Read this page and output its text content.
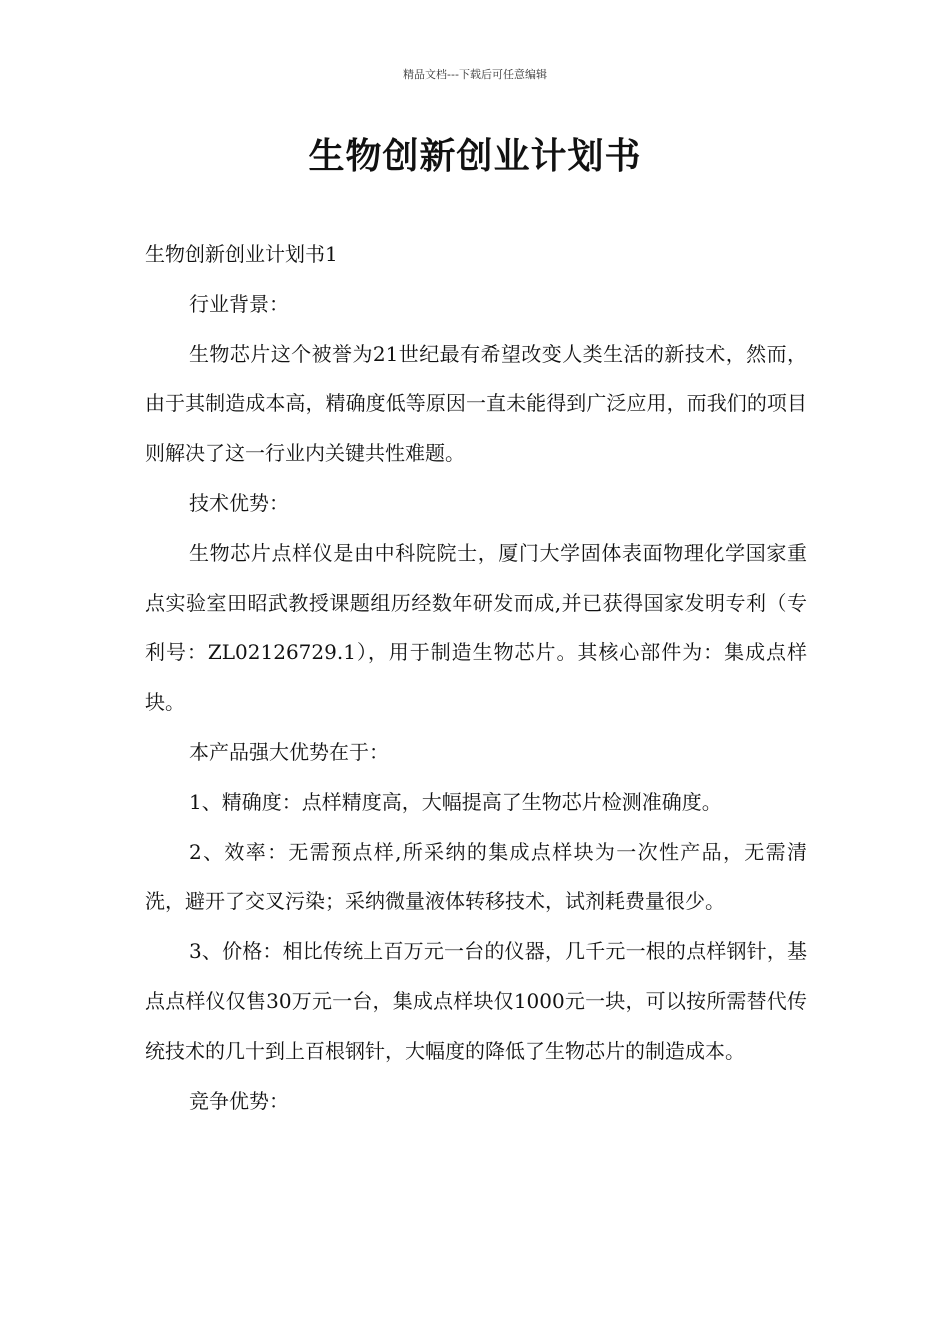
精品文档---下载后可任意编辑
生物创新创业计划书

生物创新创业计划书1

行业背景：

生物芯片这个被誉为21世纪最有希望改变人类生活的新技术，然而，由于其制造成本高，精确度低等原因一直未能得到广泛应用，而我们的项目则解决了这一行业内关键共性难题。

技术优势：

生物芯片点样仪是由中科院院士，厦门大学固体表面物理化学国家重点实验室田昭武教授课题组历经数年研发而成,并已获得国家发明专利（专利号：ZL02126729.1），用于制造生物芯片。其核心部件为：集成点样块。

本产品强大优势在于：

1、精确度：点样精度高，大幅提高了生物芯片检测准确度。

2、效率：无需预点样,所采纳的集成点样块为一次性产品，无需清洗，避开了交叉污染；采纳微量液体转移技术，试剂耗费量很少。

3、价格：相比传统上百万元一台的仪器，几千元一根的点样钢针，基点点样仪仅售30万元一台，集成点样块仅1000元一块，可以按所需替代传统技术的几十到上百根钢针，大幅度的降低了生物芯片的制造成本。

竞争优势：
